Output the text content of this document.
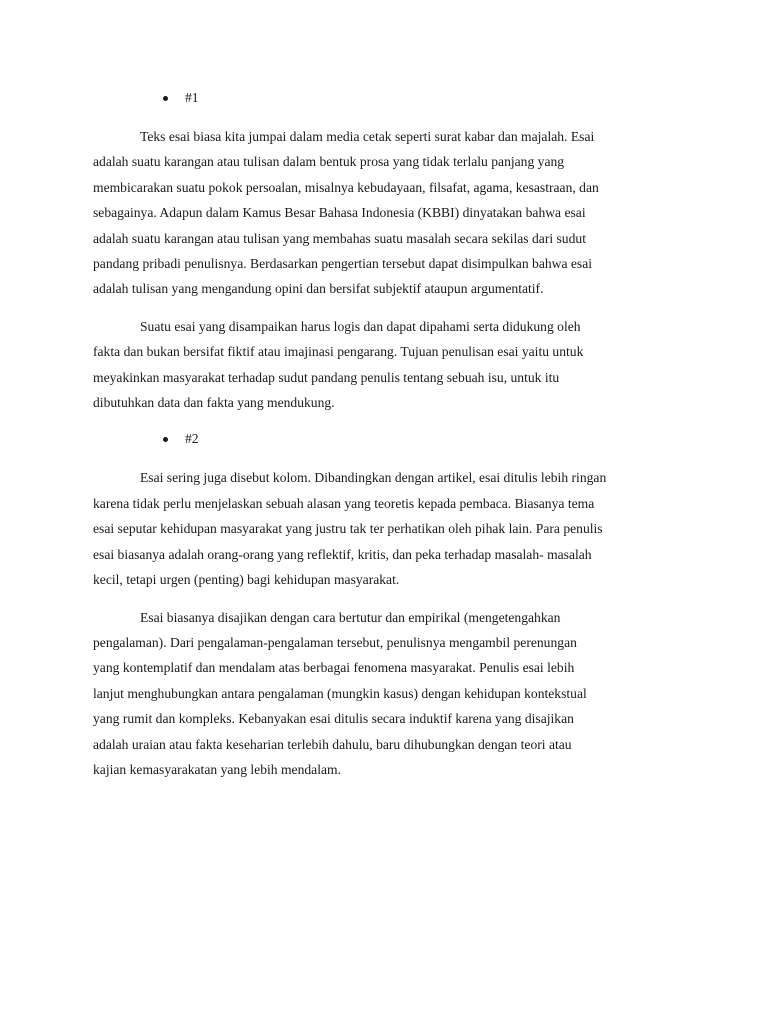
#1

Teks esai biasa kita jumpai dalam media cetak seperti surat kabar dan majalah. Esai
adalah suatu karangan atau tulisan dalam bentuk prosa yang tidak terlalu panjang yang
membicarakan suatu pokok persoalan, misalnya kebudayaan, filsafat, agama, kesastraan, dan
sebagainya. Adapun dalam Kamus Besar Bahasa Indonesia (KBBI) dinyatakan bahwa esai
adalah suatu karangan atau tulisan yang membahas suatu masalah secara sekilas dari sudut
pandang pribadi penulisnya. Berdasarkan pengertian tersebut dapat disimpulkan bahwa esai
adalah tulisan yang mengandung opini dan bersifat subjektif ataupun argumentatif.

Suatu esai yang disampaikan harus logis dan dapat dipahami serta didukung oleh
fakta dan bukan bersifat fiktif atau imajinasi pengarang. Tujuan penulisan esai yaitu untuk
meyakinkan masyarakat terhadap sudut pandang penulis tentang sebuah isu, untuk itu
dibutuhkan data dan fakta yang mendukung.

#2

Esai sering juga disebut kolom. Dibandingkan dengan artikel, esai ditulis lebih ringan
karena tidak perlu menjelaskan sebuah alasan yang teoretis kepada pembaca. Biasanya tema
esai seputar kehidupan masyarakat yang justru tak ter perhatikan oleh pihak lain. Para penulis
esai biasanya adalah orang-orang yang reflektif, kritis, dan peka terhadap masalah- masalah
kecil, tetapi urgen (penting) bagi kehidupan masyarakat.

Esai biasanya disajikan dengan cara bertutur dan empirikal (mengetengahkan
pengalaman). Dari pengalaman-pengalaman tersebut, penulisnya mengambil perenungan
yang kontemplatif dan mendalam atas berbagai fenomena masyarakat. Penulis esai lebih
lanjut menghubungkan antara pengalaman (mungkin kasus) dengan kehidupan kontekstual
yang rumit dan kompleks. Kebanyakan esai ditulis secara induktif karena yang disajikan
adalah uraian atau fakta keseharian terlebih dahulu, baru dihubungkan dengan teori atau
kajian kemasyarakatan yang lebih mendalam.
